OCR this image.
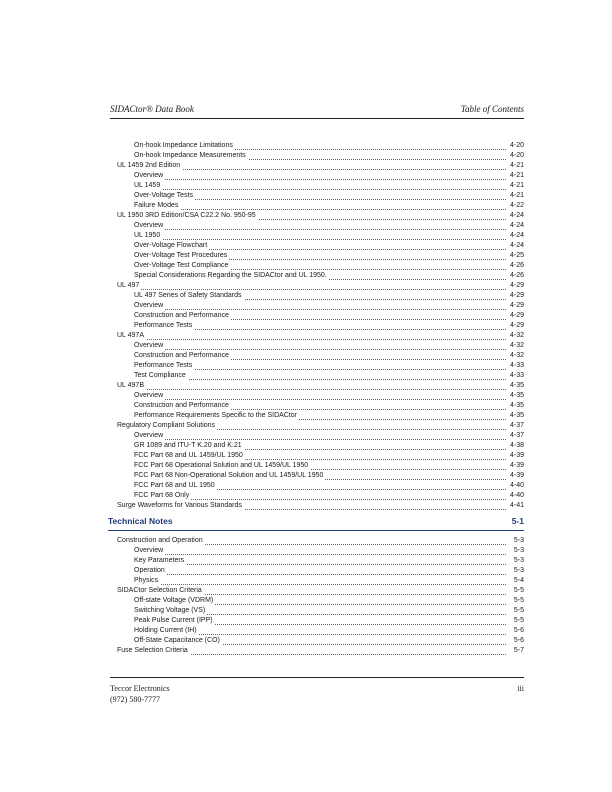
SIDACtor® Data Book	Table of Contents
On-hook Impedance Limitations	4-20
On-hook Impedance Measurements	4-20
UL 1459 2nd Edition	4-21
Overview	4-21
UL 1459	4-21
Over-Voltage Tests	4-21
Failure Modes	4-22
UL 1950 3RD Edition/CSA C22.2 No. 950-95	4-24
Overview	4-24
UL 1950	4-24
Over-Voltage Flowchart	4-24
Over-Voltage Test Procedures	4-25
Over-Voltage Test Compliance	4-26
Special Considerations Regarding the SIDACtor and UL 1950.	4-26
UL 497	4-29
UL 497 Series of Safety Standards	4-29
Overview	4-29
Construction and Performance	4-29
Performance Tests	4-29
UL 497A	4-32
Overview	4-32
Construction and Performance	4-32
Performance Tests	4-33
Test Compliance	4-33
UL 497B	4-35
Overview	4-35
Construction and Performance	4-35
Performance Requirements Specific to the SIDACtor	4-35
Regulatory Compliant Solutions	4-37
Overview	4-37
GR 1089 and ITU-T K.20 and K.21	4-38
FCC Part 68 and UL 1459/UL 1950	4-39
FCC Part 68 Operational Solution and UL 1459/UL 1950	4-39
FCC Part 68 Non-Operational Solution and UL 1459/UL 1950	4-39
FCC Part 68 and UL 1950	4-40
FCC Part 68 Only	4-40
Surge Waveforms for Various Standards	4-41
Technical Notes	5-1
Construction and Operation	5-3
Overview	5-3
Key Parameters	5-3
Operation	5-3
Physics	5-4
SIDACtor Selection Criteria	5-5
Off-state Voltage (VDRM)	5-5
Switching Voltage (VS)	5-5
Peak Pulse Current (IPP)	5-5
Holding Current (IH)	5-6
Off-State Capacitance (CO)	5-6
Fuse Selection Criteria	5-7
Teccor Electronics
(972) 580-7777
iii
